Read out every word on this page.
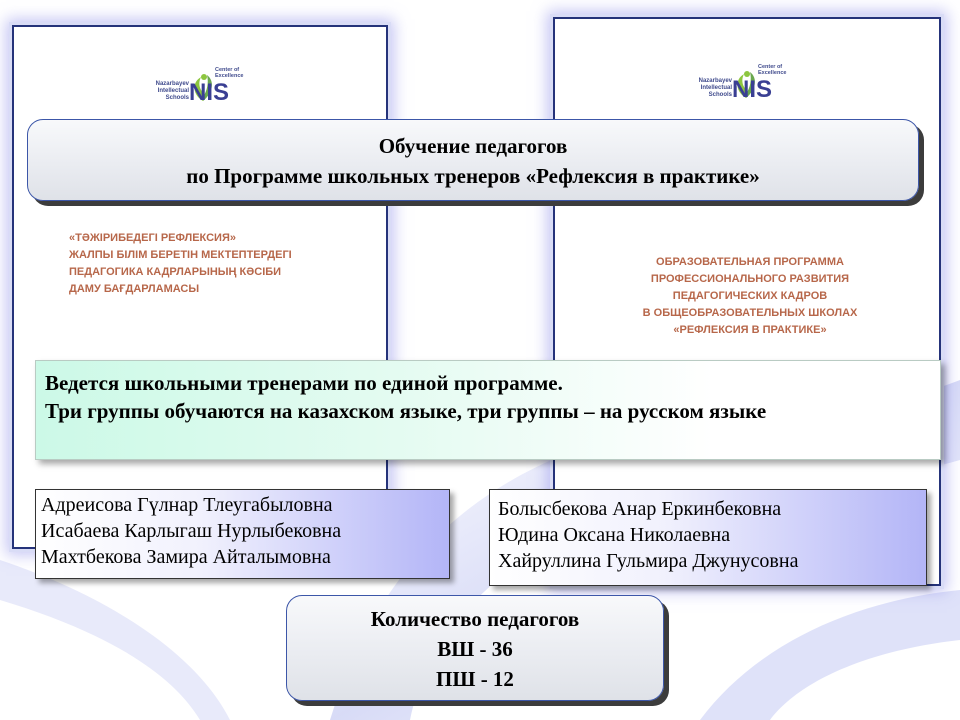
Nazarbayev Intellectual Schools NIS
Center of Excellence
«ТӘЖІРИБЕДЕГІ РЕФЛЕКСИЯ»
ЖАЛПЫ БІЛІМ БЕРЕТІН МЕКТЕПТЕРДЕГІ
ПЕДАГОГИКА КАДРЛАРЫНЫҢ КӘСІБИ
ДАМУ БАҒДАРЛАМАСЫ
Nazarbayev Intellectual Schools NIS
Center of Excellence
ОБРАЗОВАТЕЛЬНАЯ ПРОГРАММА
ПРОФЕССИОНАЛЬНОГО РАЗВИТИЯ
ПЕДАГОГИЧЕСКИХ КАДРОВ
В ОБЩЕОБРАЗОВАТЕЛЬНЫХ ШКОЛАХ
«РЕФЛЕКСИЯ В ПРАКТИКЕ»
Обучение педагогов
по Программе школьных тренеров «Рефлексия в практике»
Ведется школьными тренерами по единой программе.
Три группы обучаются на казахском языке, три группы – на русском языке
Адреисова Гүлнар Тлеугабыловна
Исабаева Карлыгаш Нурлыбековна
Махтбекова Замира Айталымовна
Болысбекова Анар Еркинбековна
Юдина Оксана Николаевна
Хайруллина Гульмира Джунусовна
Количество педагогов
ВШ - 36
ПШ - 12
